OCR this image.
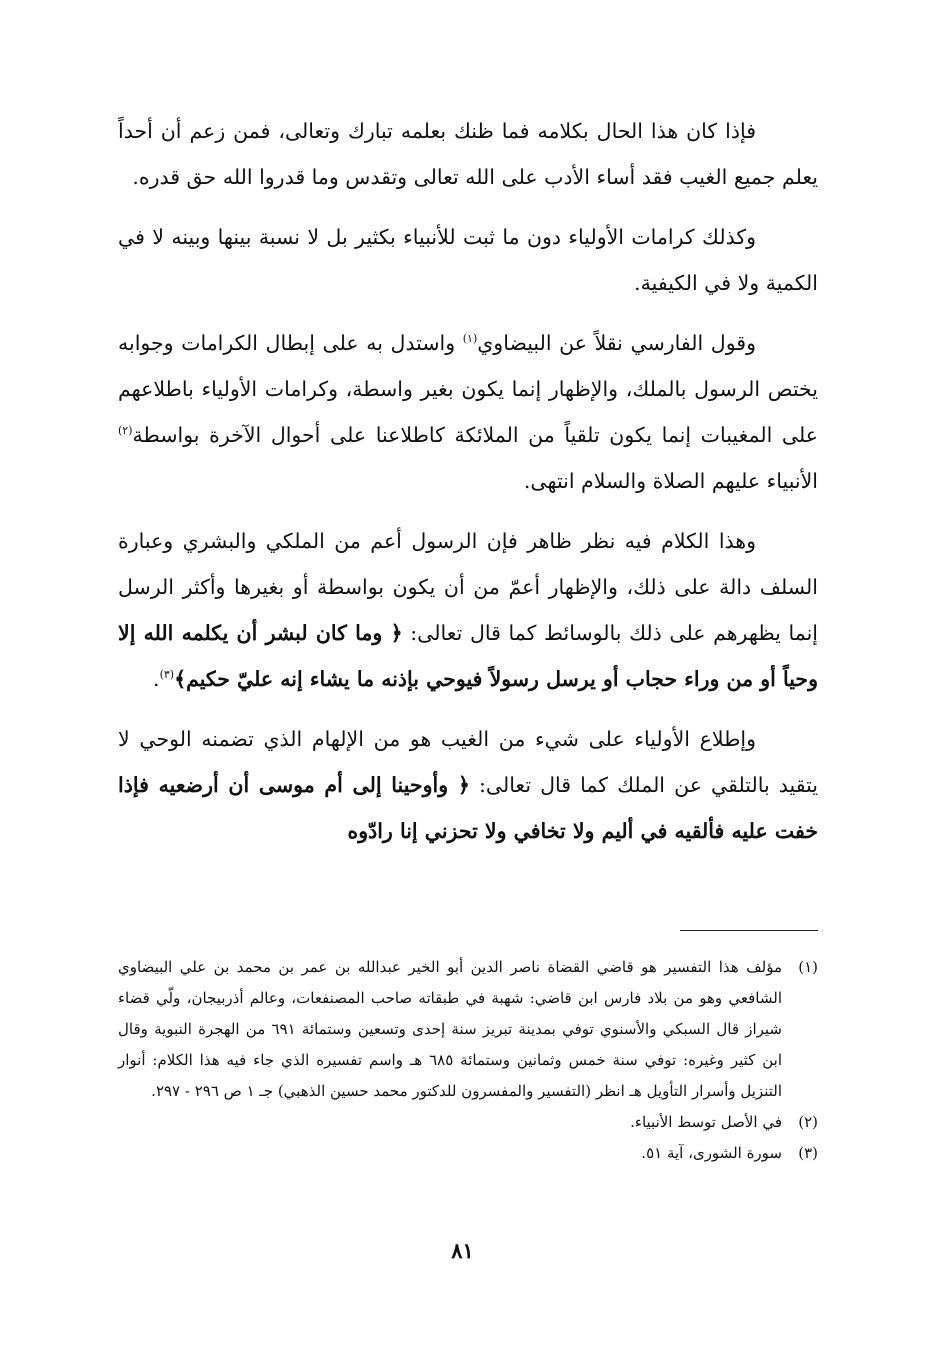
فإذا كان هذا الحال بكلامه فما ظنك بعلمه تبارك وتعالى، فمن زعم أن أحداً يعلم جميع الغيب فقد أساء الأدب على الله تعالى وتقدس وما قدروا الله حق قدره.

وكذلك كرامات الأولياء دون ما ثبت للأنبياء بكثير بل لا نسبة بينها وبينه لا في الكمية ولا في الكيفية.

وقول الفارسي نقلاً عن البيضاوي$^{(١)}$ واستدل به على إبطال الكرامات وجوابه يختص الرسول بالملك، والإظهار إنما يكون بغير واسطة، وكرامات الأولياء باطلاعهم على المغيبات إنما يكون تلقياً من الملائكة كاطلاعنا على أحوال الآخرة بواسطة$^{(٢)}$ الأنبياء عليهم الصلاة والسلام انتهى.

وهذا الكلام فيه نظر ظاهر فإن الرسول أعم من الملكي والبشري وعبارة السلف دالة على ذلك، والإظهار أعمّ من أن يكون بواسطة أو بغيرها وأكثر الرسل إنما يظهرهم على ذلك بالوسائط كما قال تعالى: ﴿ وما كان لبشر أن يكلمه الله إلا وحياً أو من وراء حجاب أو يرسل رسولاً فيوحي بإذنه ما يشاء إنه عليّ حكيم﴾$^{(٣)}$.

وإطلاع الأولياء على شيء من الغيب هو من الإلهام الذي تضمنه الوحي لا يتقيد بالتلقي عن الملك كما قال تعالى: ﴿ وأوحينا إلى أم موسى أن أرضعيه فإذا خفت عليه فألقيه في أليم ولا تخافي ولا تحزني إنا رادّوه

(١)
مؤلف هذا التفسير هو قاضي القضاة ناصر الدين أبو الخير عبدالله بن عمر بن محمد بن علي البيضاوي الشافعي وهو من بلاد فارس ابن قاضي: شهبة في طبقاته صاحب المصنفعات، وعالم أذربيجان، ولّي قضاء شيراز قال السبكي والأسنوي توفي بمدينة تبريز سنة إحدى وتسعين وستمائة ٦٩١ من الهجرة النبوية وقال ابن كثير وغيره: توفي سنة خمس وثمانين وستمائة ٦٨٥ هـ واسم تفسيره الذي جاء فيه هذا الكلام: أنوار التنزيل وأسرار التأويل هـ انظر (التفسير والمفسرون للدكتور محمد حسين الذهبي) جـ ١ ص ٢٩٦ - ٢٩٧.
(٢)
في الأصل توسط الأنبياء.
(٣)
سورة الشورى، آية ٥١.
٨١
